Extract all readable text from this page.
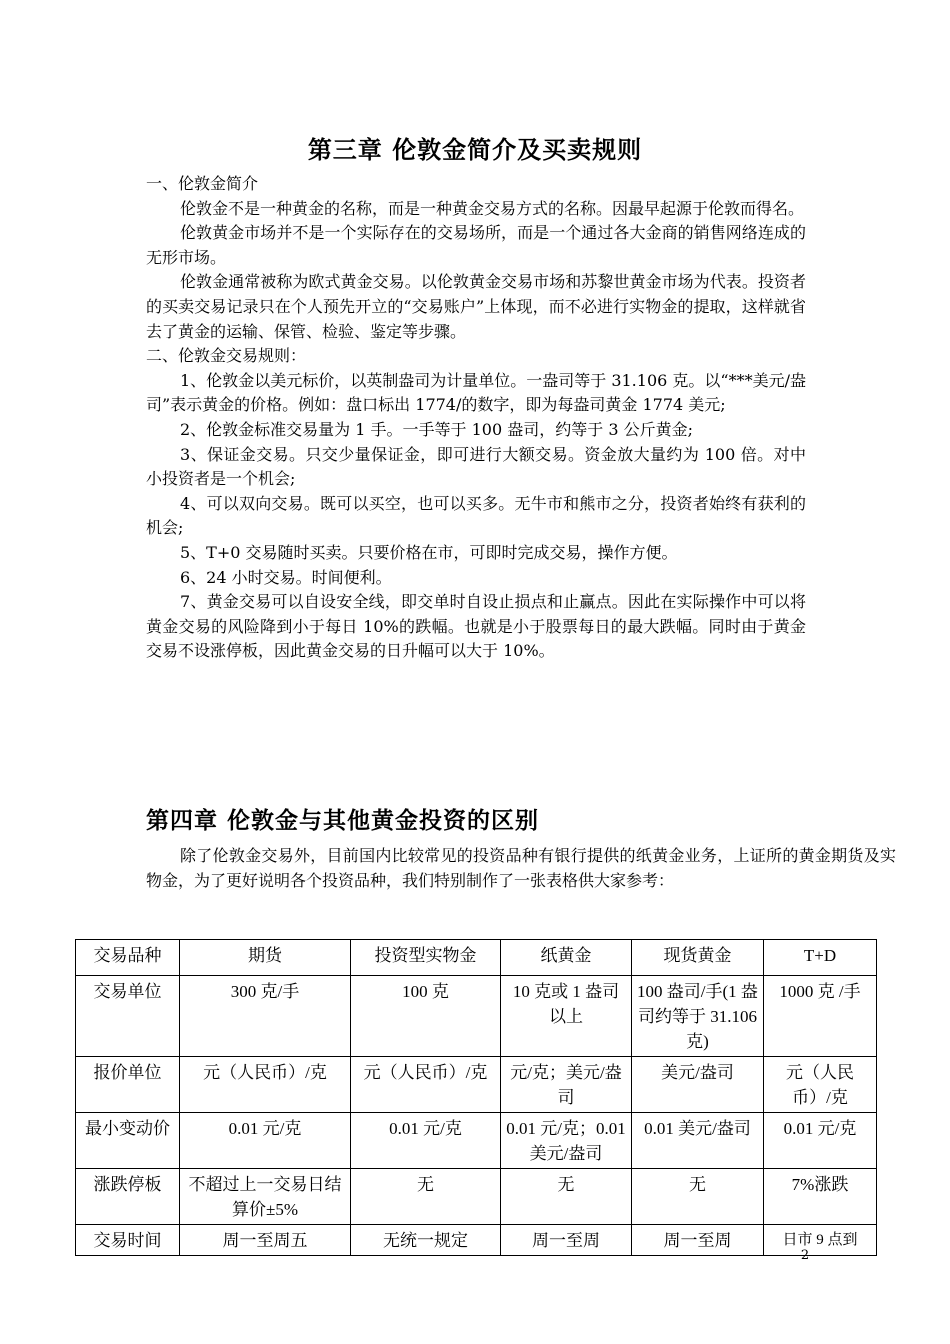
第三章 伦敦金简介及买卖规则

一、伦敦金简介

伦敦金不是一种黄金的名称，而是一种黄金交易方式的名称。因最早起源于伦敦而得名。

伦敦黄金市场并不是一个实际存在的交易场所，而是一个通过各大金商的销售网络连成的无形市场。

伦敦金通常被称为欧式黄金交易。以伦敦黄金交易市场和苏黎世黄金市场为代表。投资者的买卖交易记录只在个人预先开立的“交易账户”上体现，而不必进行实物金的提取，这样就省去了黄金的运输、保管、检验、鉴定等步骤。

二、伦敦金交易规则：

1、伦敦金以美元标价，以英制盎司为计量单位。一盎司等于 31.106 克。以“***美元/盎司”表示黄金的价格。例如：盘口标出 1774/的数字，即为每盎司黄金 1774 美元;

2、伦敦金标准交易量为 1 手。一手等于 100 盎司，约等于 3 公斤黄金;

3、保证金交易。只交少量保证金，即可进行大额交易。资金放大量约为 100 倍。对中小投资者是一个机会;

4、可以双向交易。既可以买空，也可以买多。无牛市和熊市之分，投资者始终有获利的机会;

5、T+0 交易随时买卖。只要价格在市，可即时完成交易，操作方便。

6、24 小时交易。时间便利。

7、黄金交易可以自设安全线，即交单时自设止损点和止赢点。因此在实际操作中可以将黄金交易的风险降到小于每日 10%的跌幅。也就是小于股票每日的最大跌幅。同时由于黄金交易不设涨停板，因此黄金交易的日升幅可以大于 10%。

第四章 伦敦金与其他黄金投资的区别

除了伦敦金交易外，目前国内比较常见的投资品种有银行提供的纸黄金业务，上证所的黄金期货及实物金，为了更好说明各个投资品种，我们特别制作了一张表格供大家参考：

交易品种	期货	投资型实物金	纸黄金	现货黄金	T+D
交易单位	300 克/手	100 克	10 克或 1 盎司以上	100 盎司/手(1 盎司约等于 31.106 克)	1000 克 /手
报价单位	元（人民币）/克	元（人民币）/克	元/克；美元/盎司	美元/盎司	元（人民币）/克
最小变动价	0.01 元/克	0.01 元/克	0.01 元/克；0.01 美元/盎司	0.01 美元/盎司	0.01 元/克
涨跌停板	不超过上一交易日结算价±5%	无	无	无	7%涨跌
交易时间	周一至周五	无统一规定	周一至周	周一至周	日市 9 点到
2
